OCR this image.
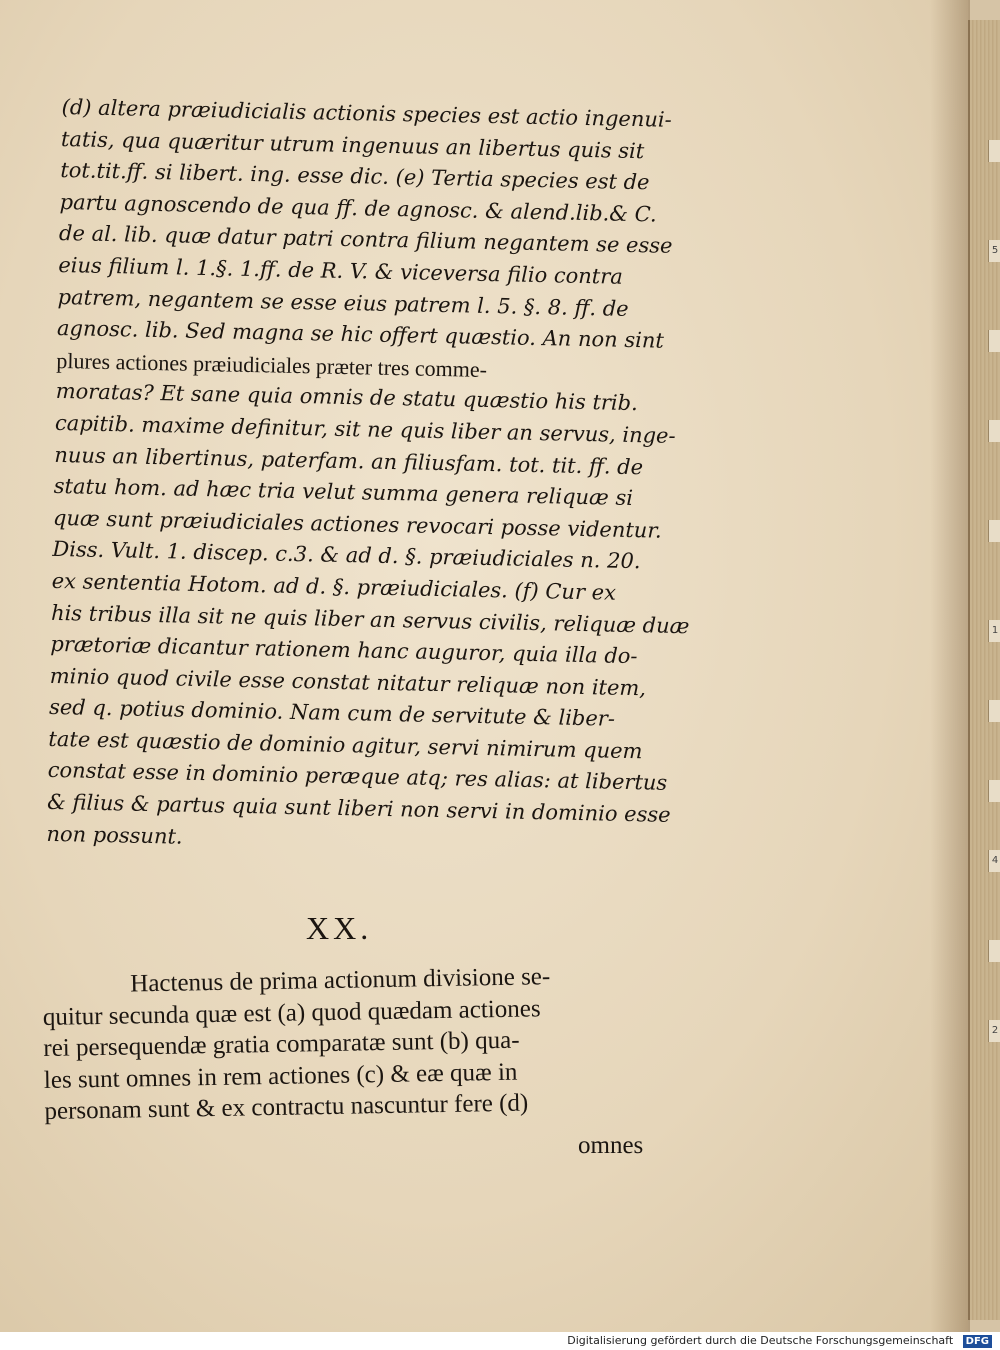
5
1
4
2
(d) altera præiudicialis actionis species est actio ingenui-
tatis, qua quæritur utrum ingenuus an libertus quis sit
tot.tit.ff. si libert. ing. esse dic. (e) Tertia species est de
partu agnoscendo de qua ff. de agnosc. & alend.lib.& C.
de al. lib. quæ datur patri contra filium negantem se esse
eius filium l. 1.§. 1.ff. de R. V. & viceversa filio contra
patrem, negantem se esse eius patrem l. 5. §. 8. ff. de
agnosc. lib. Sed magna se hic offert quæstio. An non sint
plures actiones præiudiciales præter tres comme-
moratas? Et sane quia omnis de statu quæstio his trib.
capitib. maxime definitur, sit ne quis liber an servus, inge-
nuus an libertinus, paterfam. an filiusfam. tot. tit. ff. de
statu hom. ad hæc tria velut summa genera reliquæ si
quæ sunt præiudiciales actiones revocari posse videntur.
Diss. Vult. 1. discep. c.3. & ad d. §. præiudiciales n. 20.
ex sententia Hotom. ad d. §. præiudiciales. (f) Cur ex
his tribus illa sit ne quis liber an servus civilis, reliquæ duæ
prætoriæ dicantur rationem hanc auguror, quia illa do-
minio quod civile esse constat nitatur reliquæ non item,
sed q. potius dominio. Nam cum de servitute & liber-
tate est quæstio de dominio agitur, servi nimirum quem
constat esse in dominio peræque atq; res alias: at libertus
& filius & partus quia sunt liberi non servi in dominio esse
non possunt.
XX.
Hactenus de prima actionum divisione se-
quitur secunda quæ est (a) quod quædam actiones
rei persequendæ gratia comparatæ sunt (b) qua-
les sunt omnes in rem actiones (c) & eæ quæ in
personam sunt & ex contractu nascuntur fere (d)
omnes
Digitalisierung gefördert durch die Deutsche Forschungsgemeinschaft DFG
